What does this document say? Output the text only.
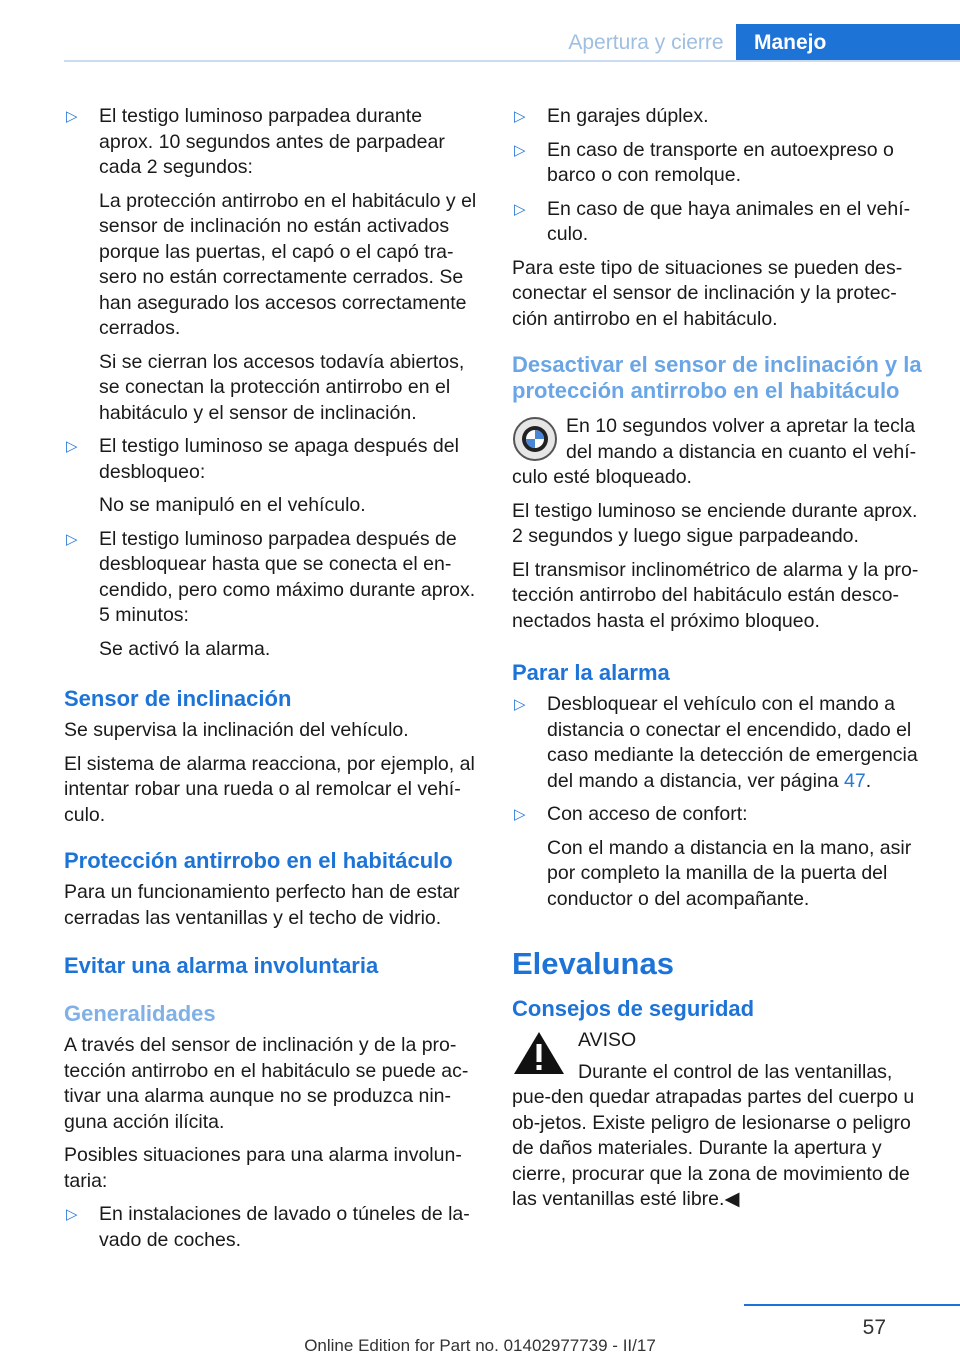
Apertura y cierre	Manejo
▷ El testigo luminoso parpadea durante aprox. 10 segundos antes de parpadear cada 2 segundos:
La protección antirrobo en el habitáculo y el sensor de inclinación no están activados porque las puertas, el capó o el capó tra‐sero no están correctamente cerrados. Se han asegurado los accesos correctamente cerrados.
Si se cierran los accesos todavía abiertos, se conectan la protección antirrobo en el habitáculo y el sensor de inclinación.
▷ El testigo luminoso se apaga después del desbloqueo:
No se manipuló en el vehículo.
▷ El testigo luminoso parpadea después de desbloquear hasta que se conecta el en‐cendido, pero como máximo durante aprox. 5 minutos:
Se activó la alarma.
Sensor de inclinación

Se supervisa la inclinación del vehículo.

El sistema de alarma reacciona, por ejemplo, al intentar robar una rueda o al remolcar el vehí‐culo.

Protección antirrobo en el habitáculo

Para un funcionamiento perfecto han de estar cerradas las ventanillas y el techo de vidrio.

Evitar una alarma involuntaria
Generalidades

A través del sensor de inclinación y de la pro‐tección antirrobo en el habitáculo se puede ac‐tivar una alarma aunque no se produzca nin‐guna acción ilícita.

Posibles situaciones para una alarma involun‐taria:

▷ En instalaciones de lavado o túneles de la‐vado de coches.
▷ En garajes dúplex.
▷ En caso de transporte en autoexpreso o barco o con remolque.
▷ En caso de que haya animales en el vehí‐culo.

Para este tipo de situaciones se pueden des‐conectar el sensor de inclinación y la protec‐ción antirrobo en el habitáculo.

Desactivar el sensor de inclinación y la protección antirrobo en el habitáculo

En 10 segundos volver a apretar la tecla del mando a distancia en cuanto el vehí‐culo esté bloqueado.

El testigo luminoso se enciende durante aprox. 2 segundos y luego sigue parpadeando.

El transmisor inclinométrico de alarma y la pro‐tección antirrobo del habitáculo están desco‐nectados hasta el próximo bloqueo.

Parar la alarma
▷ Desbloquear el vehículo con el mando a distancia o conectar el encendido, dado el caso mediante la detección de emergencia del mando a distancia, ver página 47.
▷ Con acceso de confort:
Con el mando a distancia en la mano, asir por completo la manilla de la puerta del conductor o del acompañante.
Elevalunas
Consejos de seguridad

AVISO

Durante el control de las ventanillas, pue‐den quedar atrapadas partes del cuerpo u ob‐jetos. Existe peligro de lesionarse o peligro de daños materiales. Durante la apertura y cierre, procurar que la zona de movimiento de las ventanillas esté libre.◀

57
Online Edition for Part no. 01402977739 - II/17
